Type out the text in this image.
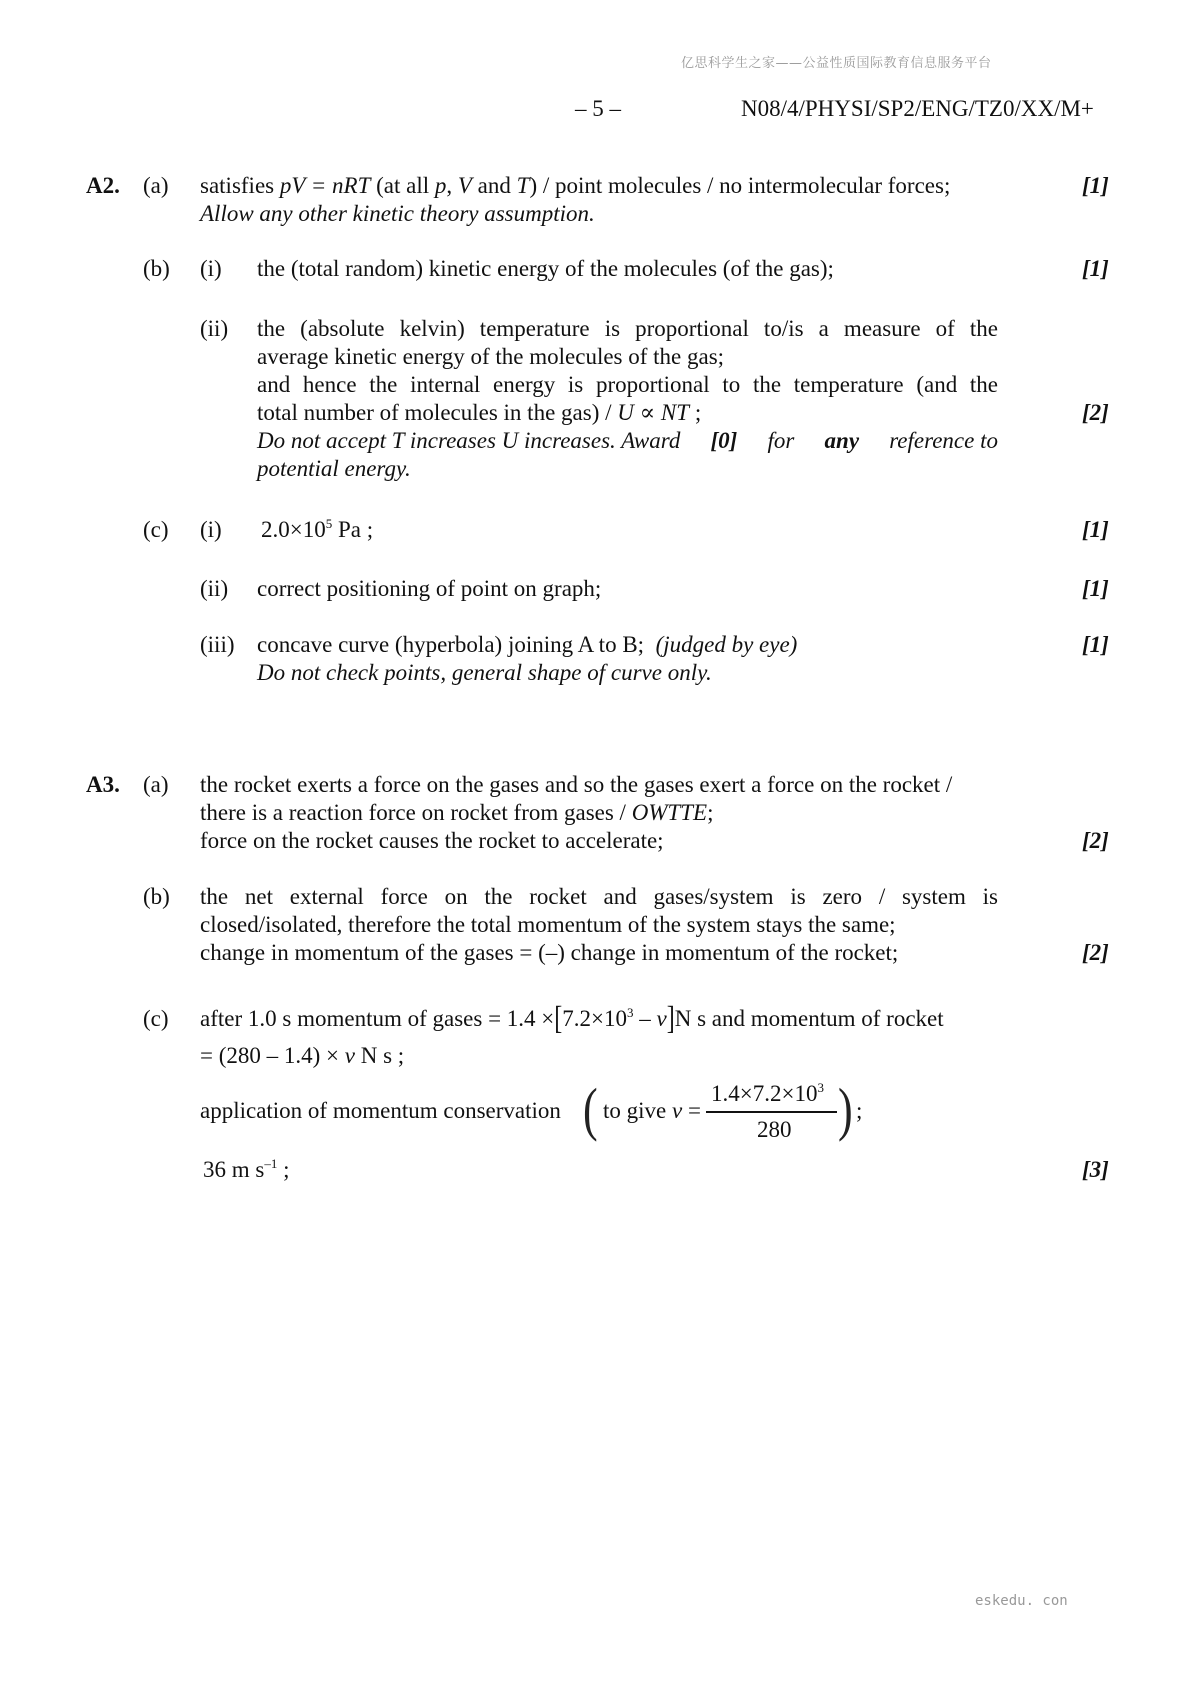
亿思科学生之家——公益性质国际教育信息服务平台
– 5 –	N08/4/PHYSI/SP2/ENG/TZ0/XX/M+
A2. (a) satisfies pV = nRT (at all p, V and T) / point molecules / no intermolecular forces;	[1]
Allow any other kinetic theory assumption.
(b) (i) the (total random) kinetic energy of the molecules (of the gas);	[1]
(ii) the (absolute kelvin) temperature is proportional to/is a measure of the
average kinetic energy of the molecules of the gas;
and hence the internal energy is proportional to the temperature (and the
total number of molecules in the gas) / U ∝ NT ;	[2]
Do not accept T increases U increases. Award [0] for any reference to
potential energy.
(c) (i) $2.0\times 10^5$ Pa ;	[1]
(ii) correct positioning of point on graph;	[1]
(iii) concave curve (hyperbola) joining A to B; (judged by eye)	[1]
Do not check points, general shape of curve only.
A3. (a) the rocket exerts a force on the gases and so the gases exert a force on the rocket /
there is a reaction force on rocket from gases / OWTTE;
force on the rocket causes the rocket to accelerate;	[2]
(b) the net external force on the rocket and gases/system is zero / system is
closed/isolated, therefore the total momentum of the system stays the same;
change in momentum of the gases = (–) change in momentum of the rocket;	[2]
(c) after 1.0 s momentum of gases = $1.4 \times[7.2\times 10^3 - v]N$ s and momentum of rocket
= (280 – 1.4) × v N s ;
application of momentum conservation ( to give v =
$1.4\times 7.2\times 10^3$
280 ) ;
36 m $s^{-1}$ ;	[3]
eskedu. con
